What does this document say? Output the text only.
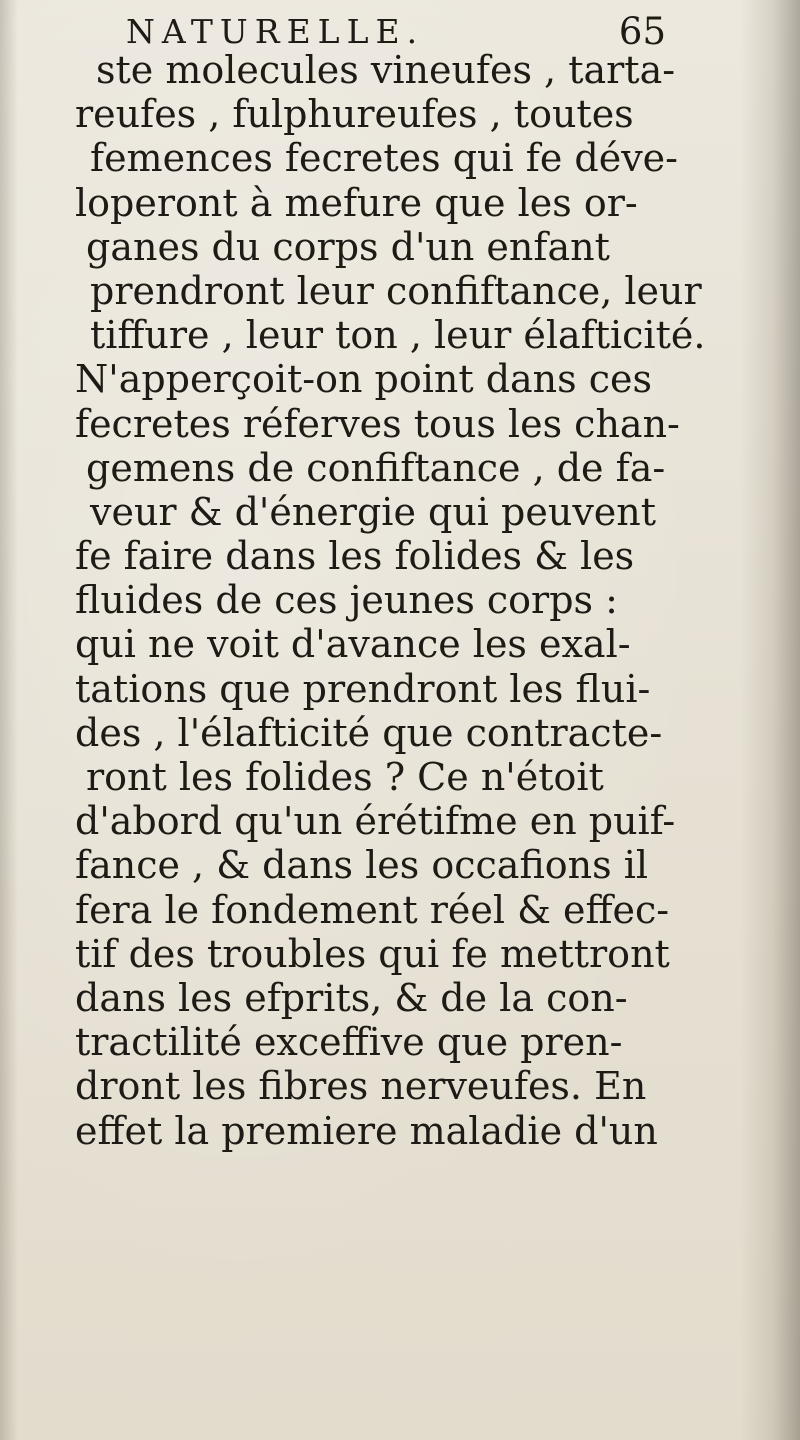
NATURELLE.	65
ste molecules vineufes , tarta-
reufes , fulphureufes , toutes
femences fecretes qui fe déve-
loperont à mefure que les or-
ganes du corps d'un enfant
prendront leur confiftance, leur
tiffure , leur ton , leur élafticité.
N'apperçoit-on point dans ces
fecretes réferves tous les chan-
gemens de confiftance , de fa-
veur & d'énergie qui peuvent
fe faire dans les folides & les
fluides de ces jeunes corps :
qui ne voit d'avance les exal-
tations que prendront les flui-
des , l'élafticité que contracte-
ront les folides ? Ce n'étoit
d'abord qu'un érétifme en puif-
fance , & dans les occafions il
fera le fondement réel & effec-
tif des troubles qui fe mettront
dans les efprits, & de la con-
tractilité exceffive que pren-
dront les fibres nerveufes. En
effet la premiere maladie d'un
